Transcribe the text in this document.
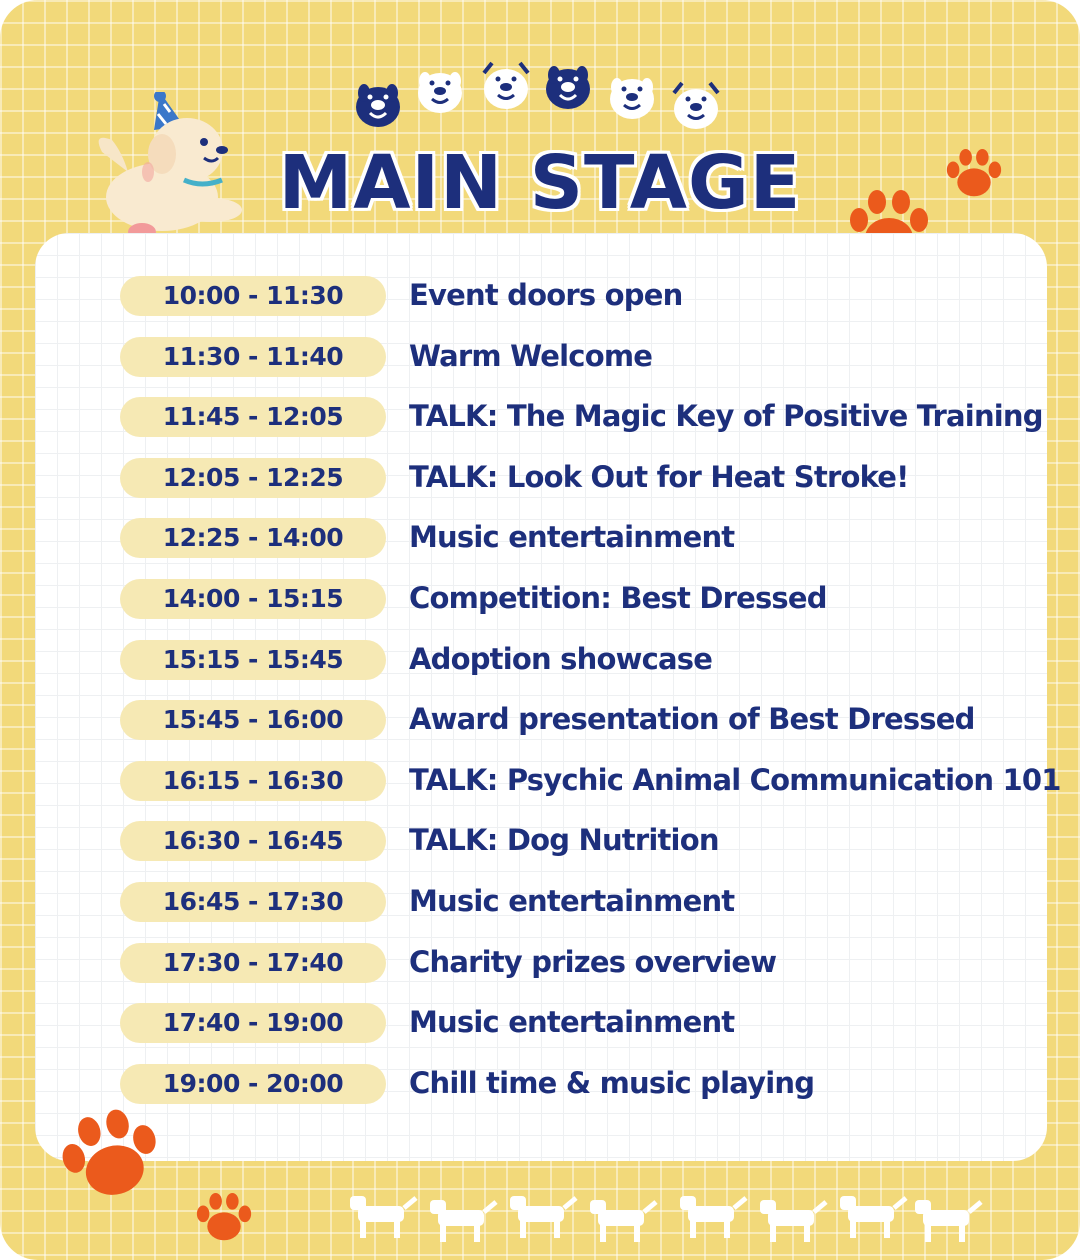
MAIN STAGE
10:00 - 11:30	Event doors open
11:30 - 11:40	Warm Welcome
11:45 - 12:05	TALK: The Magic Key of Positive Training
12:05 - 12:25	TALK: Look Out for Heat Stroke!
12:25 - 14:00	Music entertainment
14:00 - 15:15	Competition: Best Dressed
15:15 - 15:45	Adoption showcase
15:45 - 16:00	Award presentation of Best Dressed
16:15 - 16:30	TALK: Psychic Animal Communication 101
16:30 - 16:45	TALK: Dog Nutrition
16:45 - 17:30	Music entertainment
17:30 - 17:40	Charity prizes overview
17:40 - 19:00	Music entertainment
19:00 - 20:00	Chill time & music playing
